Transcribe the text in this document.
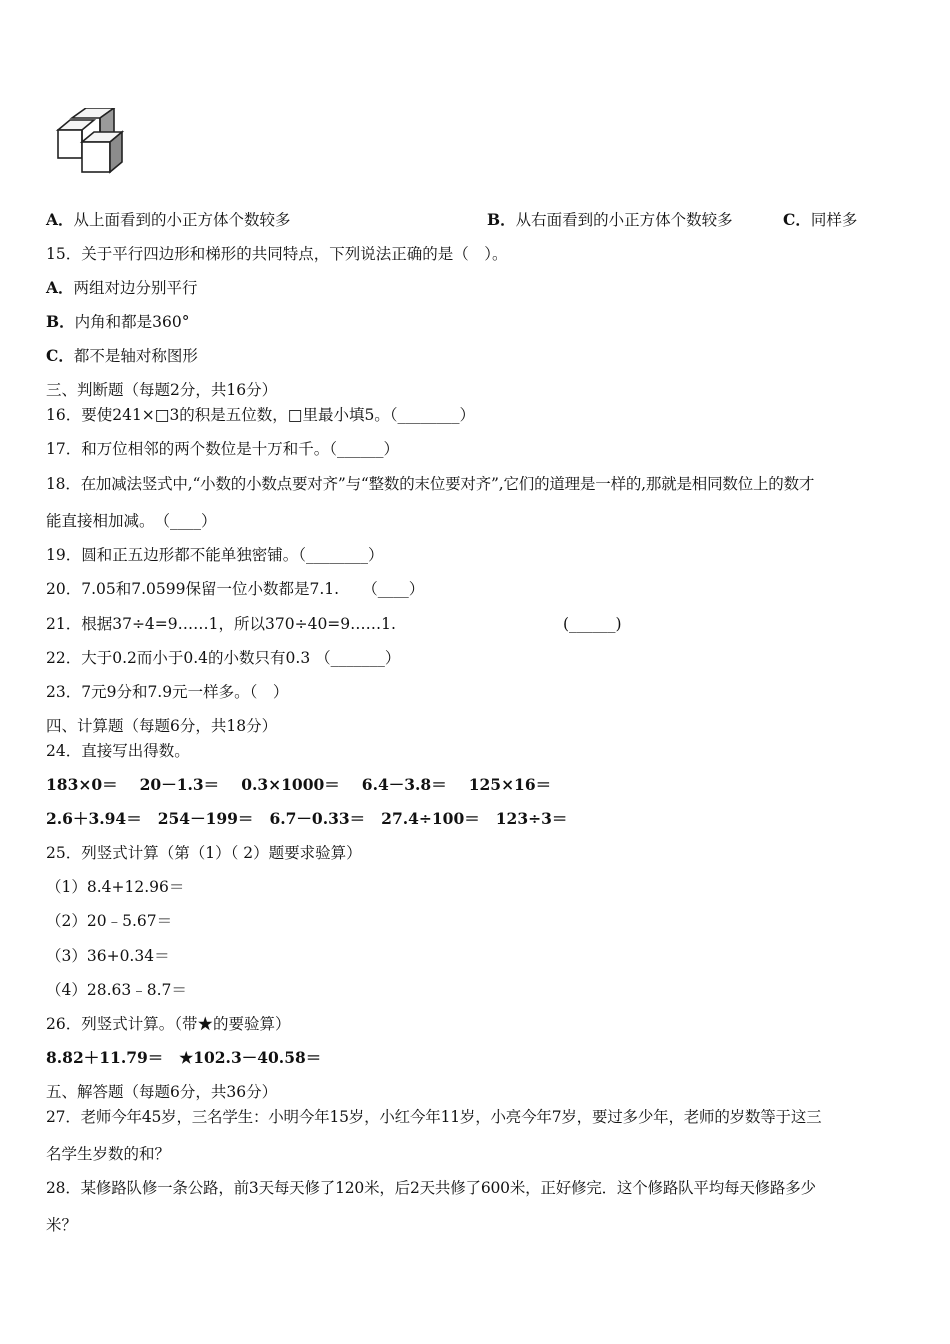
A．从上面看到的小正方体个数较多	B．从右面看到的小正方体个数较多	C．同样多
15．关于平行四边形和梯形的共同特点，下列说法正确的是（　）。
A．两组对边分别平行
B．内角和都是360°
C．都不是轴对称图形
三、判断题（每题2分，共16分）
16．要使241×□3的积是五位数，□里最小填5。（________）
17．和万位相邻的两个数位是十万和千。（______）
18．在加减法竖式中,“小数的小数点要对齐”与“整数的末位要对齐”,它们的道理是一样的,那就是相同数位上的数才
能直接相加减。　（____）
19．圆和正五边形都不能单独密铺。（________）
20．7.05和7.0599保留一位小数都是7.1.　　（____）
21．根据37÷4=9……1，所以370÷40=9……1.	(______)
22．大于0.2而小于0.4的小数只有0.3 （_______）
23．7元9分和7.9元一样多。（　）
四、计算题（每题6分，共18分）
24．直接写出得数。
183×0＝ 20－1.3＝ 0.3×1000＝ 6.4－3.8＝ 125×16＝
2.6＋3.94＝ 254－199＝ 6.7－0.33＝ 27.4÷100＝ 123÷3＝
25．列竖式计算（第（1）（ 2）题要求验算）
（1）8.4+12.96＝
（2）20﹣5.67＝
（3）36+0.34＝
（4）28.63﹣8.7＝
26．列竖式计算。（带★的要验算）
8.82＋11.79＝ ★102.3－40.58＝
五、解答题（每题6分，共36分）
27．老师今年45岁，三名学生：小明今年15岁，小红今年11岁，小亮今年7岁，要过多少年，老师的岁数等于这三
名学生岁数的和？
28．某修路队修一条公路，前3天每天修了120米，后2天共修了600米，正好修完．这个修路队平均每天修路多少
米？
